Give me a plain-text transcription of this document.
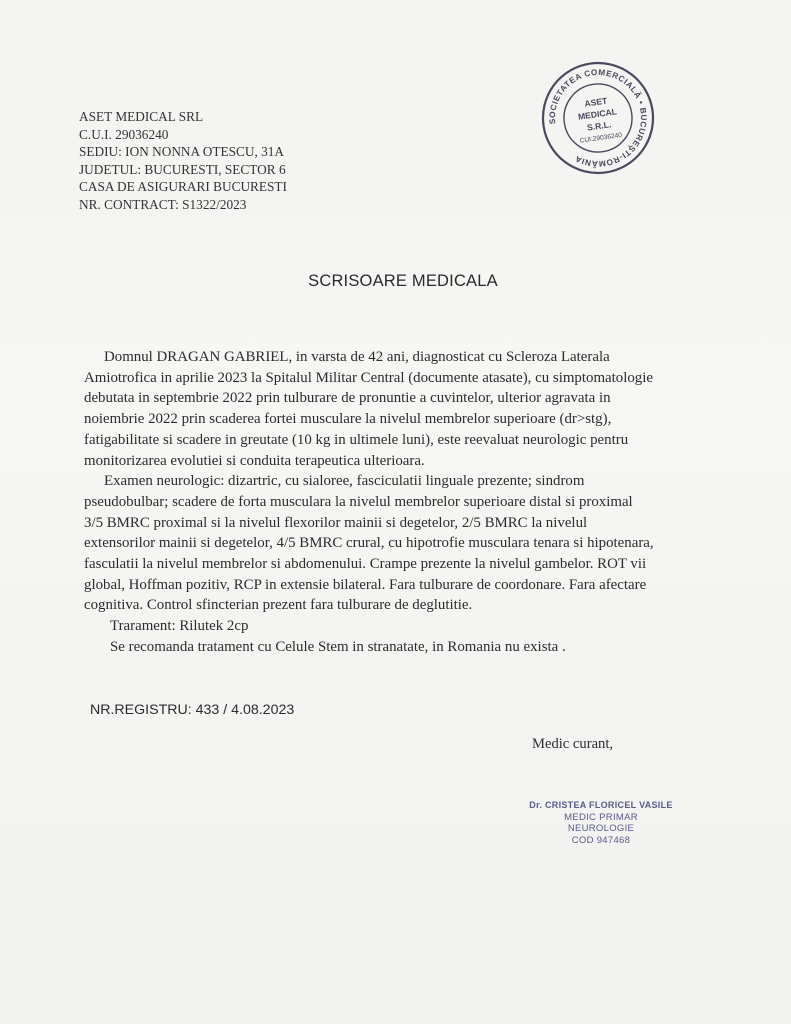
ASET MEDICAL SRL
C.U.I. 29036240
SEDIU: ION NONNA OTESCU, 31A
JUDETUL: BUCURESTI, SECTOR 6
CASA DE ASIGURARI BUCURESTI
NR. CONTRACT: S1322/2023
SOCIETATEA COMERCIALĂ • BUCUREŞTI-ROMÂNIA
ASET
MEDICAL
S.R.L.
CUI:29036240
SCRISOARE MEDICALA

Domnul DRAGAN GABRIEL, in varsta de 42 ani, diagnosticat cu Scleroza Laterala
Amiotrofica in aprilie 2023 la Spitalul Militar Central (documente atasate), cu simptomatologie
debutata in septembrie 2022 prin tulburare de pronuntie a cuvintelor, ulterior agravata in
noiembrie 2022 prin scaderea fortei musculare la nivelul membrelor superioare (dr>stg),
fatigabilitate si scadere in greutate (10 kg in ultimele luni), este reevaluat neurologic pentru
monitorizarea evolutiei si conduita terapeutica ulterioara.

Examen neurologic: dizartric, cu sialoree, fasciculatii linguale prezente; sindrom
pseudobulbar; scadere de forta musculara la nivelul membrelor superioare distal si proximal
3/5 BMRC proximal si la nivelul flexorilor mainii si degetelor, 2/5 BMRC la nivelul
extensorilor mainii si degetelor, 4/5 BMRC crural, cu hipotrofie musculara tenara si hipotenara,
fasculatii la nivelul membrelor si abdomenului. Crampe prezente la nivelul gambelor. ROT vii
global, Hoffman pozitiv, RCP in extensie bilateral. Fara tulburare de coordonare. Fara afectare
cognitiva. Control sfincterian prezent fara tulburare de deglutitie.

Trarament: Rilutek 2cp

Se recomanda tratament cu Celule Stem in stranatate, in Romania nu exista .

NR.REGISTRU: 433 / 4.08.2023
Medic curant,
Dr. CRISTEA FLORICEL VASILE
MEDIC PRIMAR
NEUROLOGIE
COD 947468
